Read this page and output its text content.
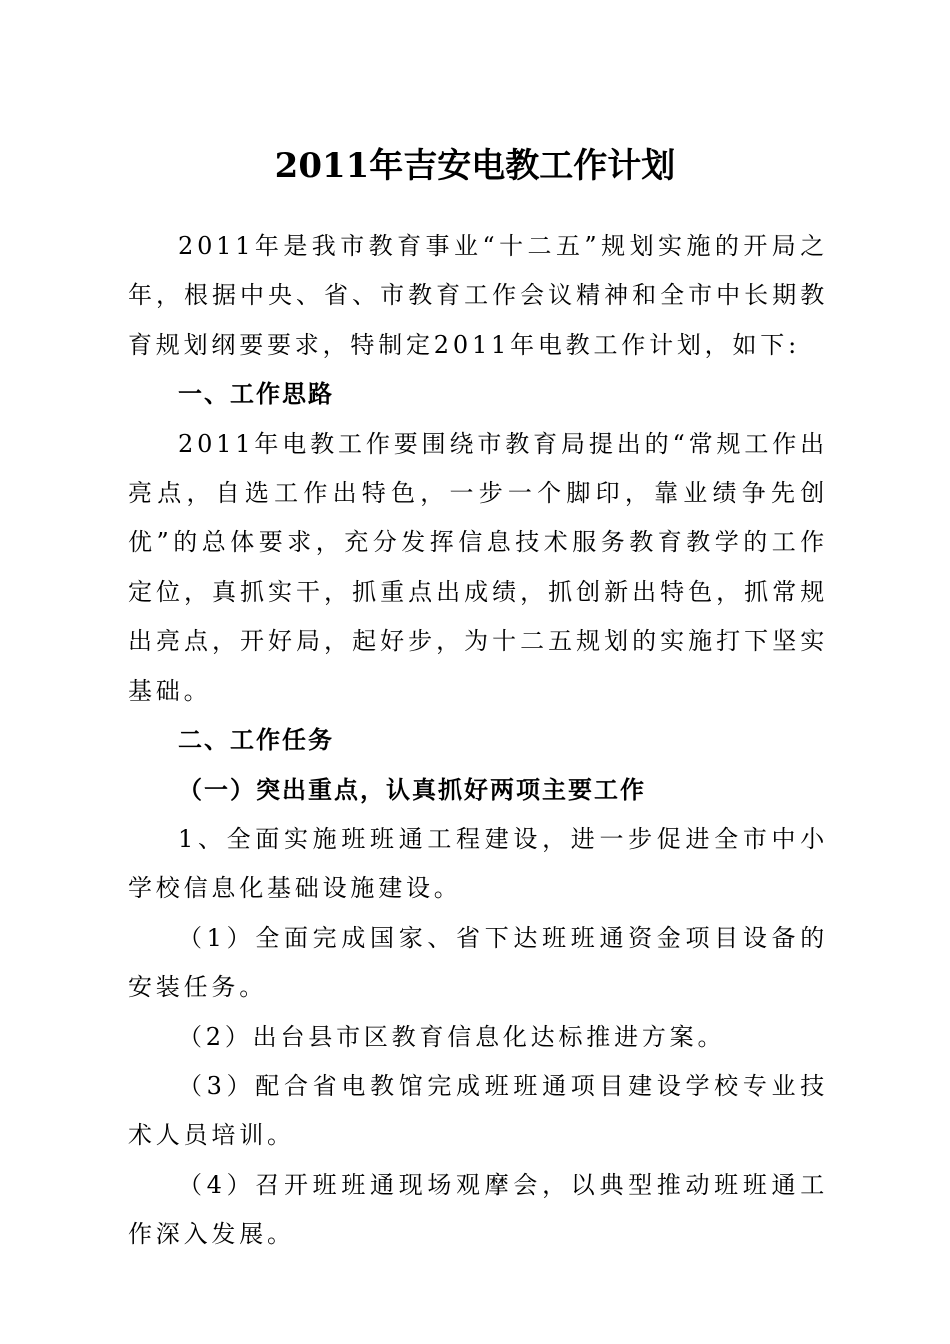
2011年吉安电教工作计划

2011年是我市教育事业“十二五”规划实施的开局之年，根据中央、省、市教育工作会议精神和全市中长期教育规划纲要要求，特制定2011年电教工作计划，如下:

一、工作思路

2011年电教工作要围绕市教育局提出的“常规工作出亮点，自选工作出特色，一步一个脚印，靠业绩争先创优”的总体要求，充分发挥信息技术服务教育教学的工作定位，真抓实干，抓重点出成绩，抓创新出特色，抓常规出亮点，开好局，起好步，为十二五规划的实施打下坚实基础。

二、工作任务

（一）突出重点，认真抓好两项主要工作

1、全面实施班班通工程建设，进一步促进全市中小学校信息化基础设施建设。

（1）全面完成国家、省下达班班通资金项目设备的安装任务。

（2）出台县市区教育信息化达标推进方案。

（3）配合省电教馆完成班班通项目建设学校专业技术人员培训。

（4）召开班班通现场观摩会，以典型推动班班通工作深入发展。
